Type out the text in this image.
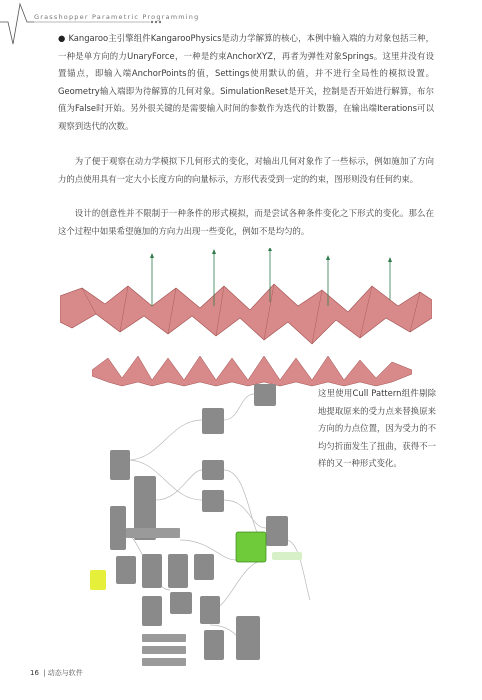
Grasshopper Parametric Programming
● Kangaroo主引擎组件KangarooPhysics是动力学解算的核心，本例中输入端的力对象包括三种，一种是单方向的力UnaryForce，一种是约束AnchorXYZ，再者为弹性对象Springs。这里并没有设置锚点，即输入端AnchorPoints的值，Settings使用默认的值，并不进行全局性的模拟设置。Geometry输入端即为待解算的几何对象。SimulationReset是开关，控制是否开始进行解算，布尔值为False时开始。另外很关键的是需要输入时间的参数作为迭代的计数器，在输出端Iterations可以观察到迭代的次数。
为了便于观察在动力学模拟下几何形式的变化，对输出几何对象作了一些标示，例如施加了方向力的点使用具有一定大小长度方向的向量标示，方形代表受到一定的约束，图形则没有任何约束。
设计的创意性并不限制于一种条件的形式模拟，而是尝试各种条件变化之下形式的变化。那么在这个过程中如果希望施加的方向力出现一些变化，例如不是均匀的。
这里使用Cull Pattern组件剔除地提取原来的受力点来替换原来方向的力点位置，因为受力的不均匀折面发生了扭曲，获得不一样的又一种形式变化。
16 | 动态与软件
